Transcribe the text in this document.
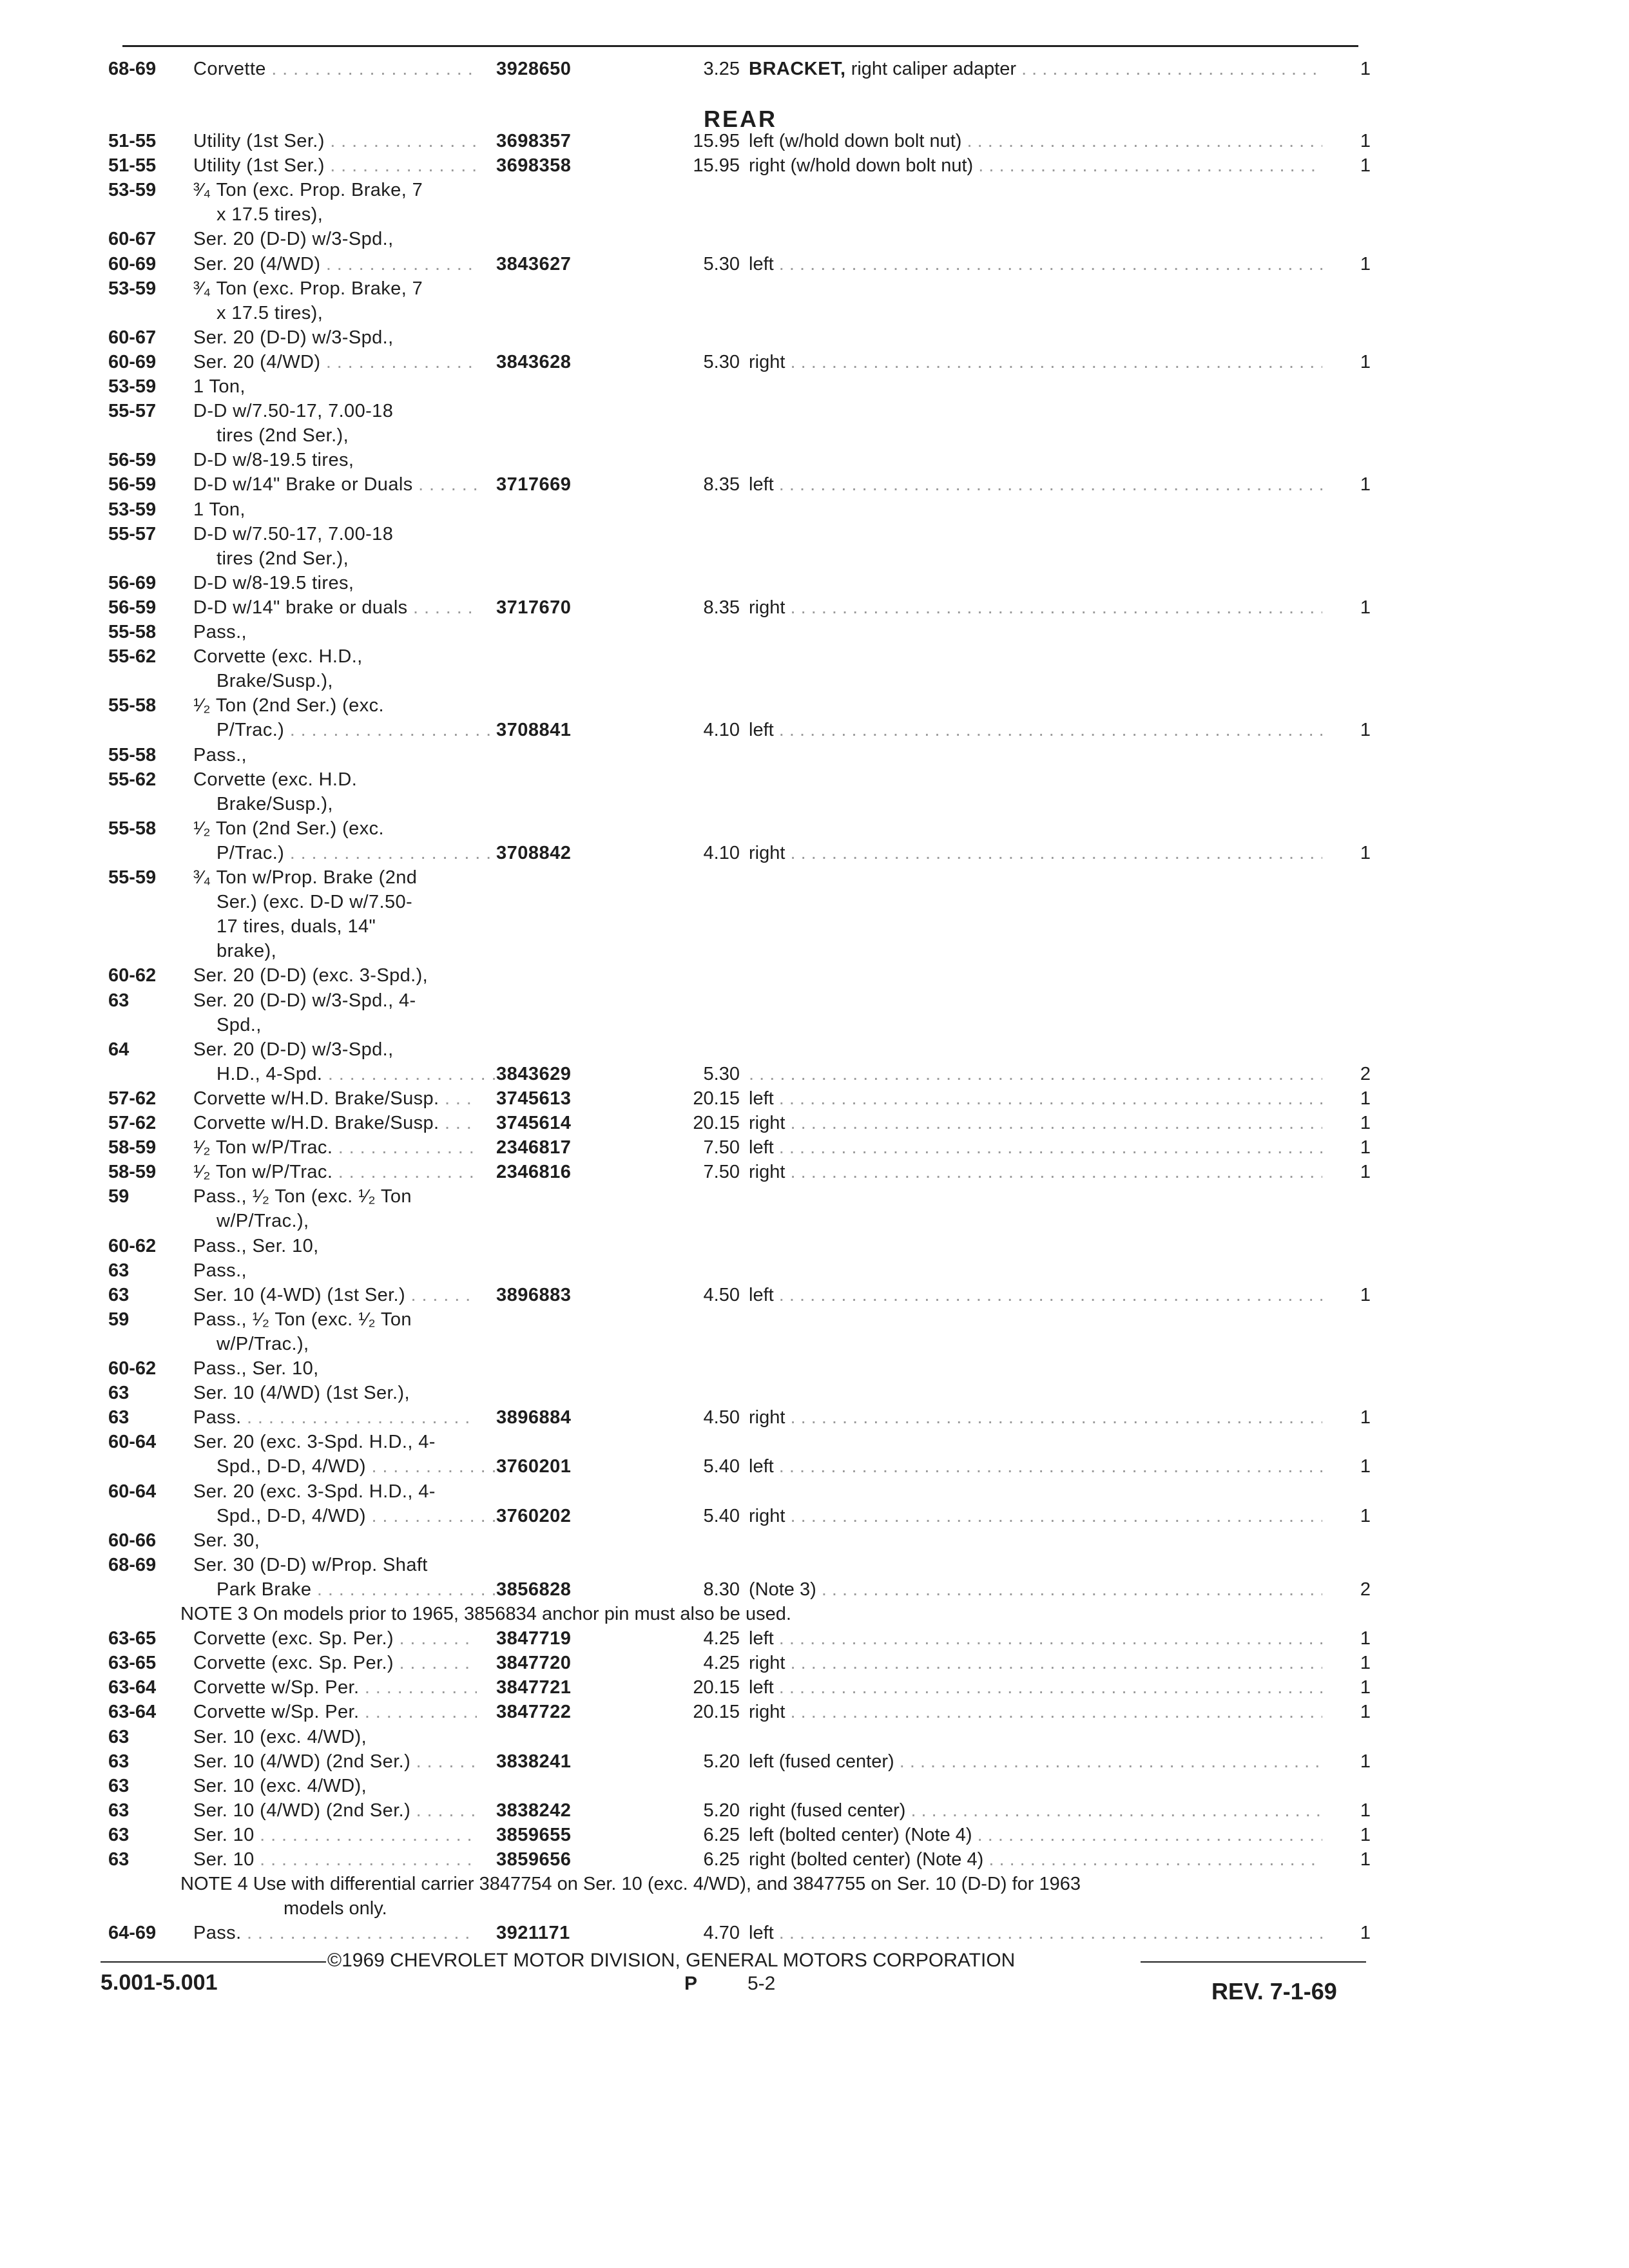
68-69 Corvette . . .	3928650	3.25 BRACKET, right caliper adapter . . .	1
REAR
51-55 Utility (1st Ser.) . . .	3698357	15.95 left (w/hold down bolt nut) . . .	1
51-55 Utility (1st Ser.) . . .	3698358	15.95 right (w/hold down bolt nut) . . .	1
53-59 ³⁄₄ Ton (exc. Prop. Brake, 7
x 17.5 tires),
60-67 Ser. 20 (D-D) w/3-Spd.,
60-69 Ser. 20 (4/WD) . . .	3843627	5.30 left . . .	1
53-59 ³⁄₄ Ton (exc. Prop. Brake, 7
x 17.5 tires),
60-67 Ser. 20 (D-D) w/3-Spd.,
60-69 Ser. 20 (4/WD) . . .	3843628	5.30 right . . .	1
53-59 1 Ton,
55-57 D-D w/7.50-17, 7.00-18
tires (2nd Ser.),
56-59 D-D w/8-19.5 tires,
56-59 D-D w/14" Brake or Duals . . .	3717669	8.35 left . . .	1
53-59 1 Ton,
55-57 D-D w/7.50-17, 7.00-18
tires (2nd Ser.),
56-69 D-D w/8-19.5 tires,
56-59 D-D w/14" brake or duals . . .	3717670	8.35 right . . .	1
55-58 Pass.,
55-62 Corvette (exc. H.D.,
Brake/Susp.),
55-58 ¹⁄₂ Ton (2nd Ser.) (exc.
P/Trac.) . . .	3708841	4.10 left . . .	1
55-58 Pass.,
55-62 Corvette (exc. H.D.
Brake/Susp.),
55-58 ¹⁄₂ Ton (2nd Ser.) (exc.
P/Trac.) . . .	3708842	4.10 right . . .	1
55-59 ³⁄₄ Ton w/Prop. Brake (2nd
Ser.) (exc. D-D w/7.50-
17 tires, duals, 14"
brake),
60-62 Ser. 20 (D-D) (exc. 3-Spd.),
63	Ser. 20 (D-D) w/3-Spd., 4-
Spd.,
64	Ser. 20 (D-D) w/3-Spd.,
H.D., 4-Spd. . . .	3843629	5.30 . . .	2
57-62 Corvette w/H.D. Brake/Susp. . . .	3745613	20.15 left . . .	1
57-62 Corvette w/H.D. Brake/Susp. . . .	3745614	20.15 right . . .	1
58-59 ¹⁄₂ Ton w/P/Trac. . . .	2346817	7.50 left . . .	1
58-59 ¹⁄₂ Ton w/P/Trac. . . .	2346816	7.50 right . . .	1
59	Pass., ¹⁄₂ Ton (exc. ¹⁄₂ Ton
w/P/Trac.),
60-62 Pass., Ser. 10,
63	Pass.,
63	Ser. 10 (4-WD) (1st Ser.) . . .	3896883	4.50 left . . .	1
59	Pass., ¹⁄₂ Ton (exc. ¹⁄₂ Ton
w/P/Trac.),
60-62 Pass., Ser. 10,
63	Ser. 10 (4/WD) (1st Ser.),
63	Pass. . . .	3896884	4.50 right . . .	1
60-64 Ser. 20 (exc. 3-Spd. H.D., 4-
Spd., D-D, 4/WD) . . .	3760201	5.40 left . . .	1
60-64 Ser. 20 (exc. 3-Spd. H.D., 4-
Spd., D-D, 4/WD) . . .	3760202	5.40 right . . .	1
60-66 Ser. 30,
68-69 Ser. 30 (D-D) w/Prop. Shaft
Park Brake . . .	3856828	8.30 (Note 3) . . .	2
NOTE 3 On models prior to 1965, 3856834 anchor pin must also be used.
63-65 Corvette (exc. Sp. Per.) . . .	3847719	4.25 left . . .	1
63-65 Corvette (exc. Sp. Per.) . . .	3847720	4.25 right . . .	1
63-64 Corvette w/Sp. Per. . . .	3847721	20.15 left . . .	1
63-64 Corvette w/Sp. Per. . . .	3847722	20.15 right . . .	1
63	Ser. 10 (exc. 4/WD),
63	Ser. 10 (4/WD) (2nd Ser.) . . .	3838241	5.20 left (fused center) . . .	1
63	Ser. 10 (exc. 4/WD),
63	Ser. 10 (4/WD) (2nd Ser.) . . .	3838242	5.20 right (fused center) . . .	1
63	Ser. 10 . . .	3859655	6.25 left (bolted center) (Note 4) . . .	1
63	Ser. 10 . . .	3859656	6.25 right (bolted center) (Note 4) . . .	1
NOTE 4 Use with differential carrier 3847754 on Ser. 10 (exc. 4/WD), and 3847755 on Ser. 10 (D-D) for 1963
models only.
64-69 Pass. . . .	3921171	4.70 left . . .	1
©1969 CHEVROLET MOTOR DIVISION, GENERAL MOTORS CORPORATION
5.001-5.001	P	5-2	REV. 7-1-69
